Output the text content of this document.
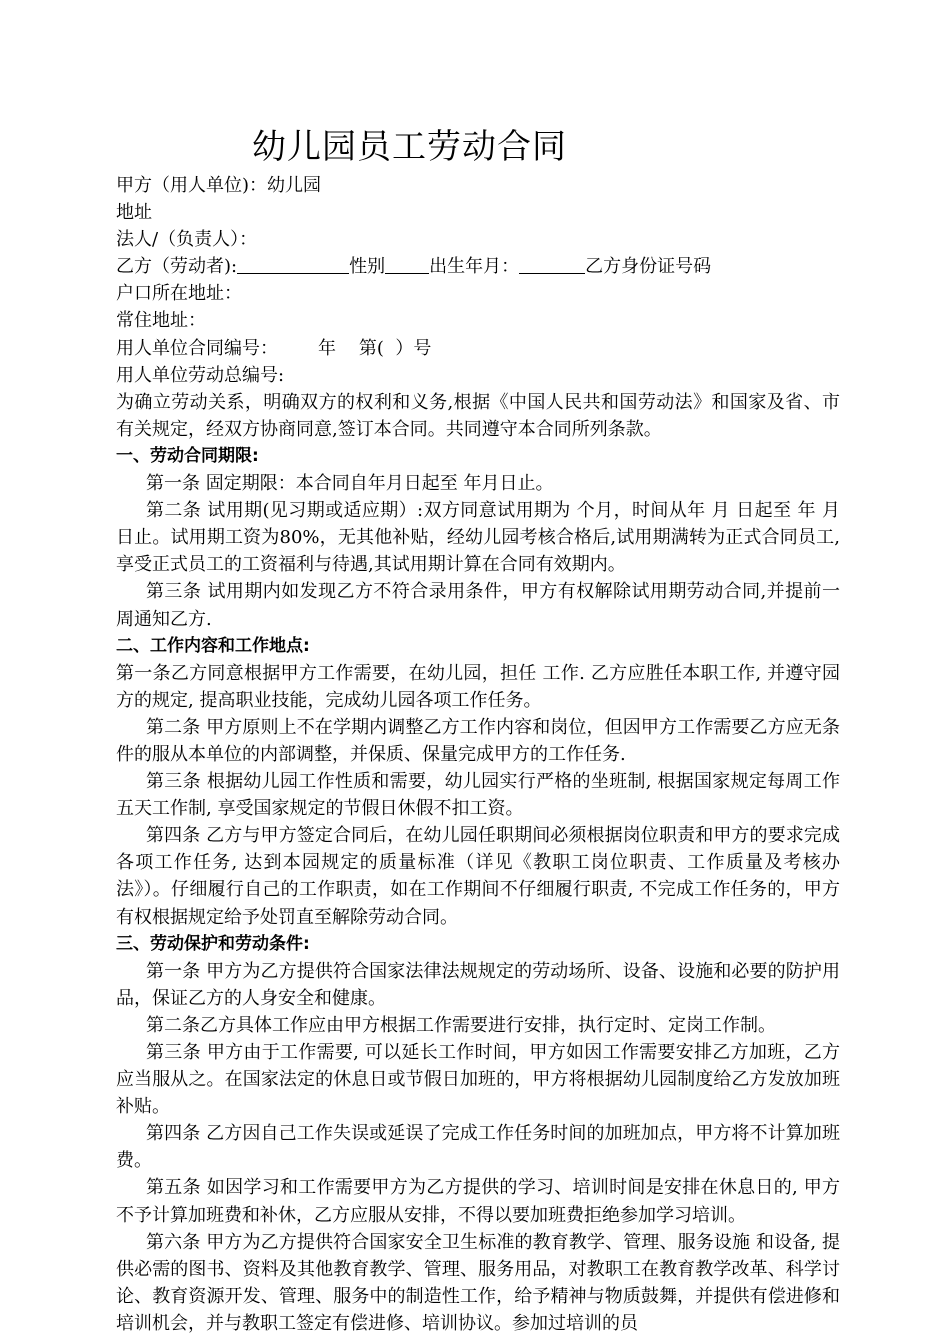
幼儿园员工劳动合同
甲方（用人单位)：幼儿园
地址
法人/（负责人）：
乙方（劳动者):	性别 出生年月：	乙方身份证号码
户口所在地址：
常住地址：
用人单位合同编号：       年    第(  ）号
用人单位劳动总编号:
为确立劳动关系，明确双方的权利和义务,根据《中国人民共和国劳动法》和国家及省、市有关规定，经双方协商同意,签订本合同。共同遵守本合同所列条款。
一、劳动合同期限:
第一条 固定期限：本合同自年月日起至 年月日止。
第二条 试用期(见习期或适应期）:双方同意试用期为 个月，时间从年 月 日起至 年 月日止。试用期工资为80%，无其他补贴，经幼儿园考核合格后,试用期满转为正式合同员工,享受正式员工的工资福利与待遇,其试用期计算在合同有效期内。
第三条 试用期内如发现乙方不符合录用条件，甲方有权解除试用期劳动合同,并提前一周通知乙方.
二、工作内容和工作地点:
第一条乙方同意根据甲方工作需要，在幼儿园，担任 工作. 乙方应胜任本职工作, 并遵守园方的规定, 提高职业技能，完成幼儿园各项工作任务。
第二条 甲方原则上不在学期内调整乙方工作内容和岗位，但因甲方工作需要乙方应无条件的服从本单位的内部调整，并保质、保量完成甲方的工作任务.
第三条 根据幼儿园工作性质和需要，幼儿园实行严格的坐班制, 根据国家规定每周工作五天工作制, 享受国家规定的节假日休假不扣工资。
第四条 乙方与甲方签定合同后，在幼儿园任职期间必须根据岗位职责和甲方的要求完成各项工作任务, 达到本园规定的质量标准（详见《教职工岗位职责、工作质量及考核办法》）。仔细履行自己的工作职责，如在工作期间不仔细履行职责, 不完成工作任务的，甲方有权根据规定给予处罚直至解除劳动合同。
三、劳动保护和劳动条件:
第一条 甲方为乙方提供符合国家法律法规规定的劳动场所、设备、设施和必要的防护用品，保证乙方的人身安全和健康。
第二条乙方具体工作应由甲方根据工作需要进行安排，执行定时、定岗工作制。
第三条 甲方由于工作需要, 可以延长工作时间，甲方如因工作需要安排乙方加班，乙方应当服从之。在国家法定的休息日或节假日加班的，甲方将根据幼儿园制度给乙方发放加班补贴。
第四条 乙方因自己工作失误或延误了完成工作任务时间的加班加点，甲方将不计算加班费。
第五条 如因学习和工作需要甲方为乙方提供的学习、培训时间是安排在休息日的, 甲方不予计算加班费和补休，乙方应服从安排，不得以要加班费拒绝参加学习培训。
第六条 甲方为乙方提供符合国家安全卫生标准的教育教学、管理、服务设施 和设备, 提供必需的图书、资料及其他教育教学、管理、服务用品，对教职工在教育教学改革、科学讨论、教育资源开发、管理、服务中的制造性工作，给予精神与物质鼓舞，并提供有偿进修和培训机会，并与教职工签定有偿进修、培训协议。参加过培训的员
